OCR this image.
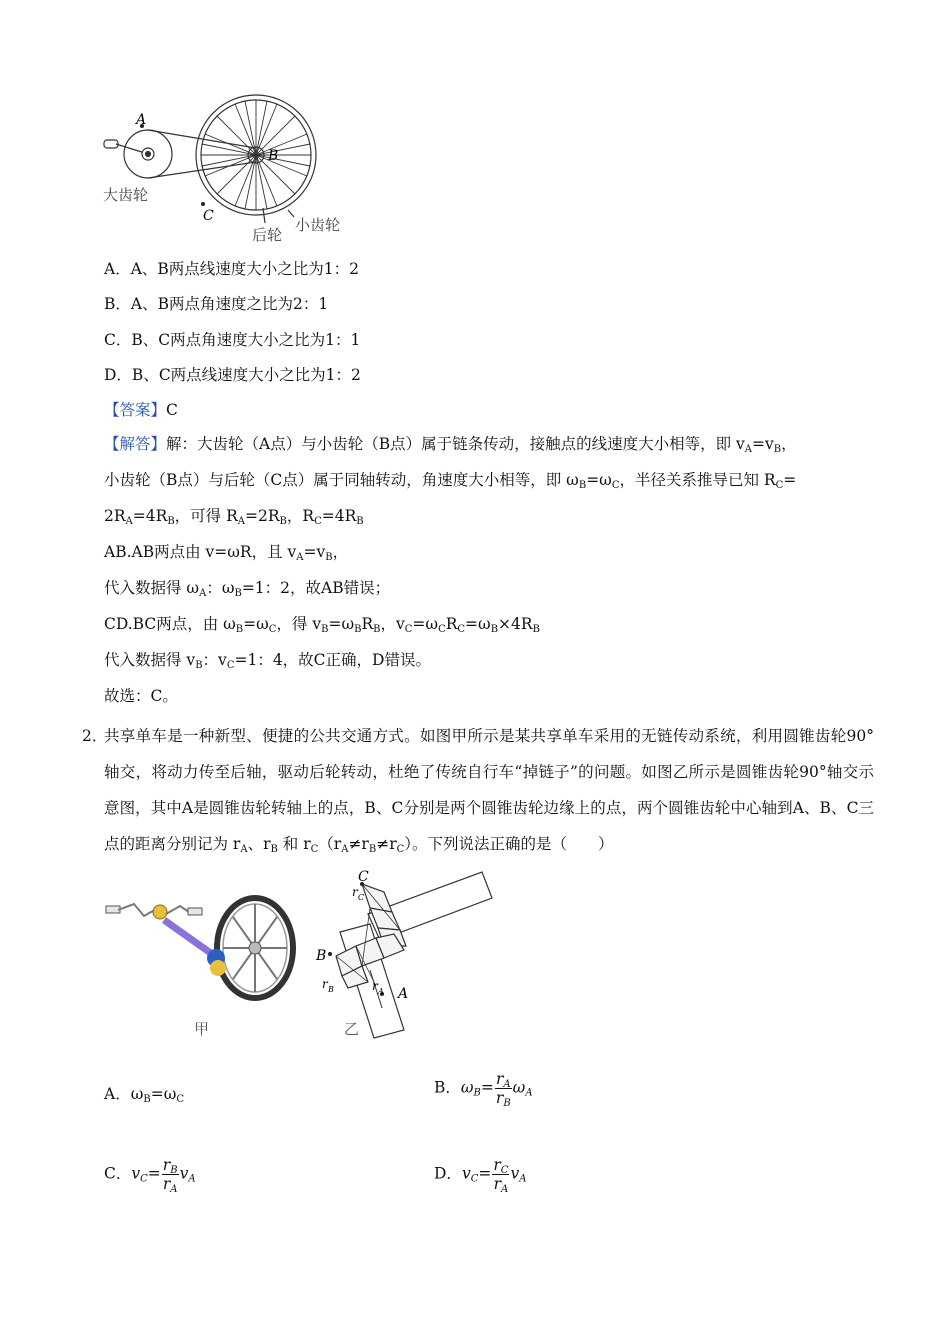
A
B
C
大齿轮
后轮
小齿轮
A．A、B两点线速度大小之比为1：2
B．A、B两点角速度之比为2：1
C．B、C两点角速度大小之比为1：1
D．B、C两点线速度大小之比为1：2
【答案】C
【解答】解：大齿轮（A点）与小齿轮（B点）属于链条传动，接触点的线速度大小相等，即 $v_A=v_B$，
小齿轮（B点）与后轮（C点）属于同轴转动，角速度大小相等，即 $\omega_B=\omega_C$，半径关系推导已知 $R_C=$
$2R_A=4R_B$，可得 $R_A=2R_B$，$R_C=4R_B$
AB.AB两点由 v=ωR，且 $v_A=v_B$，
代入数据得 $\omega_A$：$\omega_B=1$：2，故AB错误；
CD.BC两点，由 $\omega_B=\omega_C$，得 $v_B=\omega_BR_B$，$v_C=\omega_CR_C=\omega_B\times 4R_B$
代入数据得 $v_B$：$v_C=1$：4，故C正确，D错误。
故选：C。
2．
共享单车是一种新型、便捷的公共交通方式。如图甲所示是某共享单车采用的无链传动系统，利用圆锥齿轮90°轴交，将动力传至后轴，驱动后轮转动，杜绝了传统自行车“掉链子”的问题。如图乙所示是圆锥齿轮90°轴交示意图，其中A是圆锥齿轮转轴上的点，B、C分别是两个圆锥齿轮边缘上的点，两个圆锥齿轮中心轴到A、B、C三点的距离分别记为 $r_A$、$r_B$ 和 $r_C(r_A\ne r_B\ne r_C)$。下列说法正确的是（　　）
C
r C
B
r B	r A A
甲	乙
A．$\omega_B=\omega_C$
B．$\omega_B= \frac{r_A}{r_B} \omega_A$
C．$v_C= \frac{r_B}{r_A} v_A$	D．$v_C= \frac{r_C}{r_A} v_A$
